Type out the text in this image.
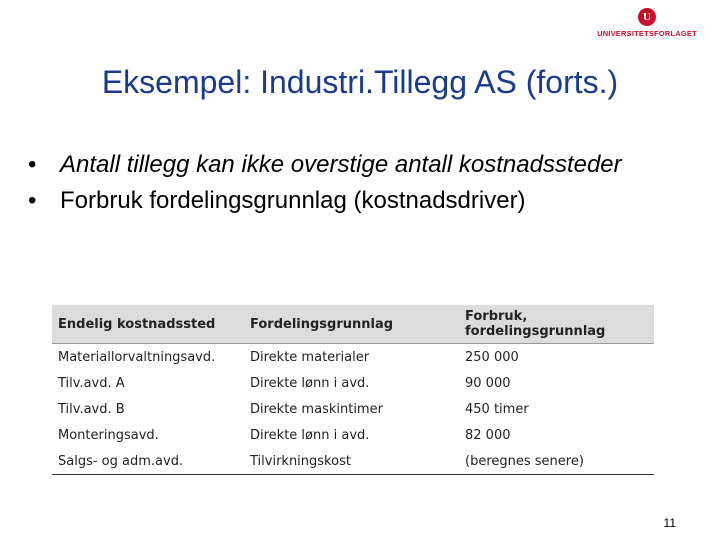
U
UNIVERSITETSFORLAGET
Eksempel: Industri.Tillegg AS (forts.)
• Antall tillegg kan ikke overstige antall kostnadssteder
• Forbruk fordelingsgrunnlag (kostnadsdriver)
Endelig kostnadssted	Fordelingsgrunnlag	Forbruk, fordelingsgrunnlag
Materiallorvaltningsavd.	Direkte materialer	250 000
Tilv.avd. A	Direkte lønn i avd.	90 000
Tilv.avd. B	Direkte maskintimer	450 timer
Monteringsavd.	Direkte lønn i avd.	82 000
Salgs- og adm.avd.	Tilvirkningskost	(beregnes senere)
11
